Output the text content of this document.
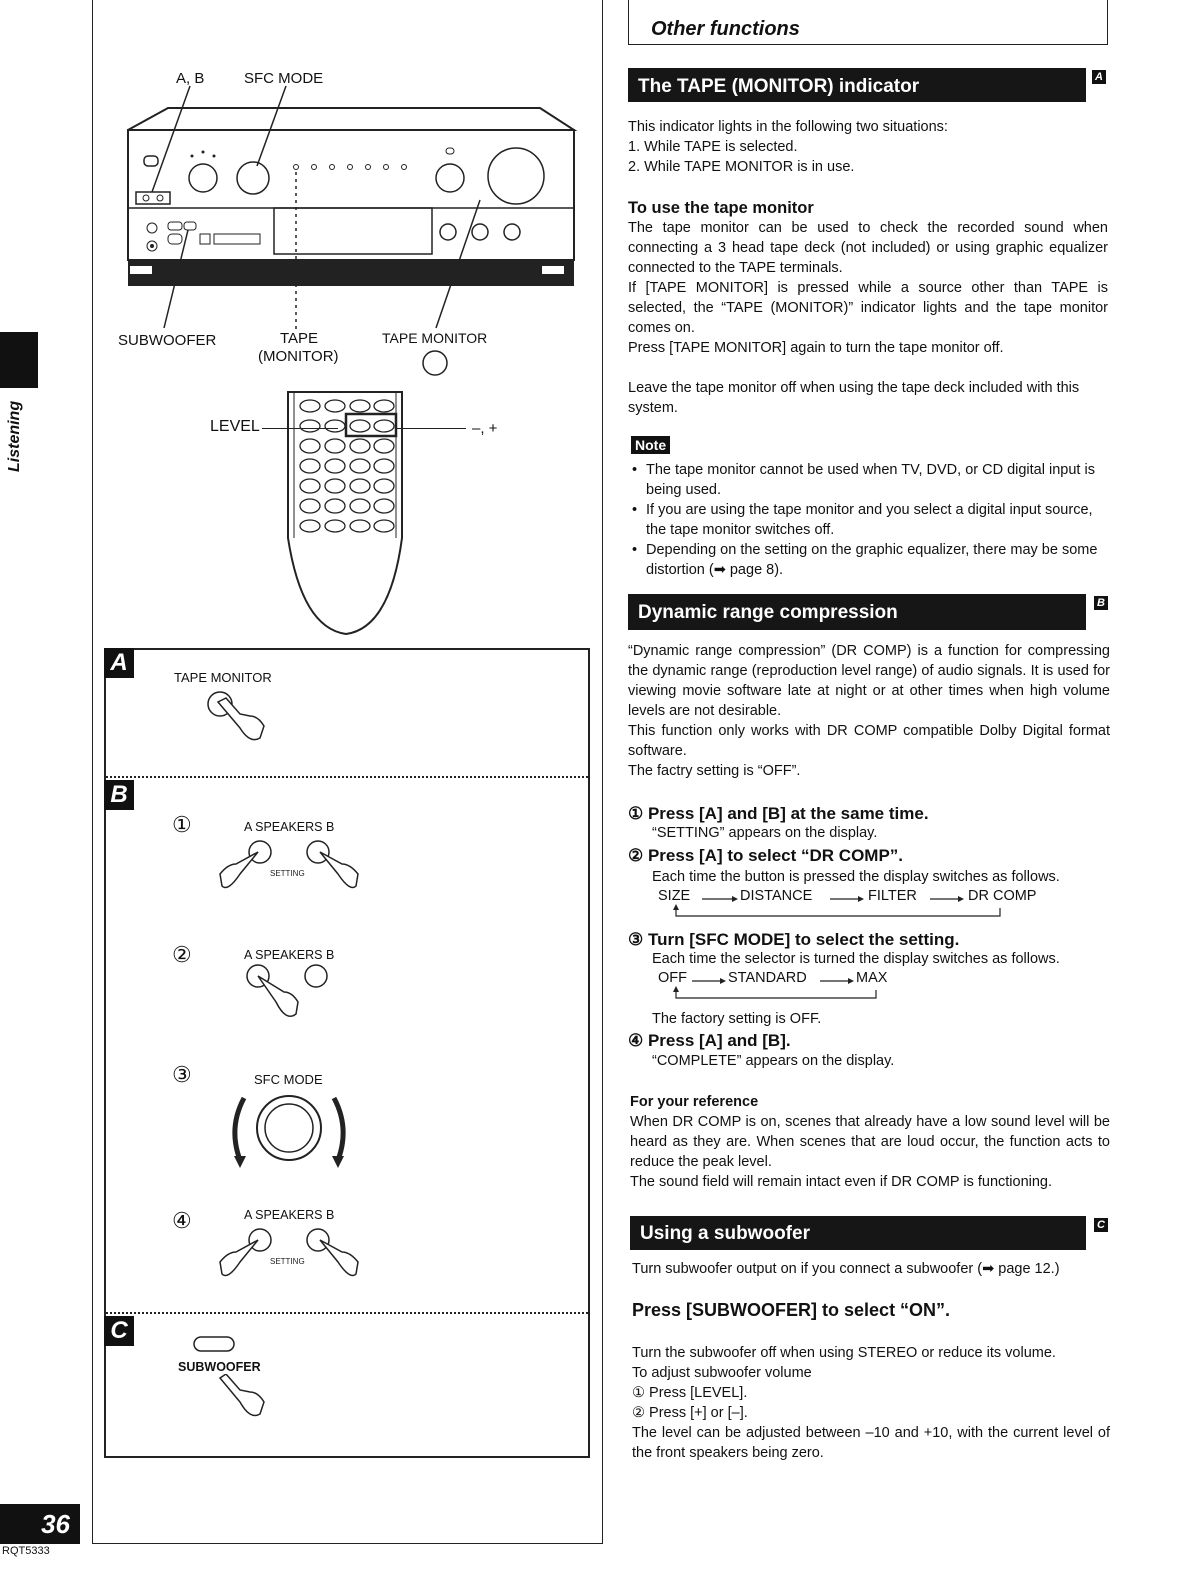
Listening
36
RQT5333
A, B	SFC MODE
SUBWOOFER	TAPE
(MONITOR)
TAPE MONITOR
LEVEL	–, +
A
TAPE MONITOR
B
①	A SPEAKERS B
SETTING
②	A SPEAKERS B
③	SFC MODE
④	A SPEAKERS B
SETTING
C
SUBWOOFER
Other functions
The TAPE (MONITOR) indicator	A

This indicator lights in the following two situations:

1. While TAPE is selected.

2. While TAPE MONITOR is in use.

To use the tape monitor

The tape monitor can be used to check the recorded sound when connecting a 3 head tape deck (not included) or using graphic equalizer connected to the TAPE terminals.

If [TAPE MONITOR] is pressed while a source other than TAPE is selected, the “TAPE (MONITOR)” indicator lights and the tape monitor comes on.

Press [TAPE MONITOR] again to turn the tape monitor off.

Leave the tape monitor off when using the tape deck included with this system.
Note
• The tape monitor cannot be used when TV, DVD, or CD digital input is being used.
• If you are using the tape monitor and you select a digital input source, the tape monitor switches off.
• Depending on the setting on the graphic equalizer, there may be some distortion (➡ page 8).
Dynamic range compression	B

“Dynamic range compression” (DR COMP) is a function for compressing the dynamic range (reproduction level range) of audio signals. It is used for viewing movie software late at night or at other times when high volume levels are not desirable.

This function only works with DR COMP compatible Dolby Digital format software.

The factry setting is “OFF”.

① Press [A] and [B] at the same time.
“SETTING” appears on the display.
② Press [A] to select “DR COMP”.
Each time the button is pressed the display switches as follows.
SIZE	DISTANCE	FILTER	DR COMP
③ Turn [SFC MODE] to select the setting.
Each time the selector is turned the display switches as follows.
OFF	STANDARD	MAX
The factory setting is OFF.
④ Press [A] and [B].
“COMPLETE” appears on the display.
For your reference

When DR COMP is on, scenes that already have a low sound level will be heard as they are. When scenes that are loud occur, the function acts to reduce the peak level.

The sound field will remain intact even if DR COMP is functioning.

Using a subwoofer	C
Turn subwoofer output on if you connect a subwoofer (➡ page 12.)
Press [SUBWOOFER] to select “ON”.

Turn the subwoofer off when using STEREO or reduce its volume.

To adjust subwoofer volume

① Press [LEVEL].

② Press [+] or [–].

The level can be adjusted between –10 and +10, with the current level of the front speakers being zero.
